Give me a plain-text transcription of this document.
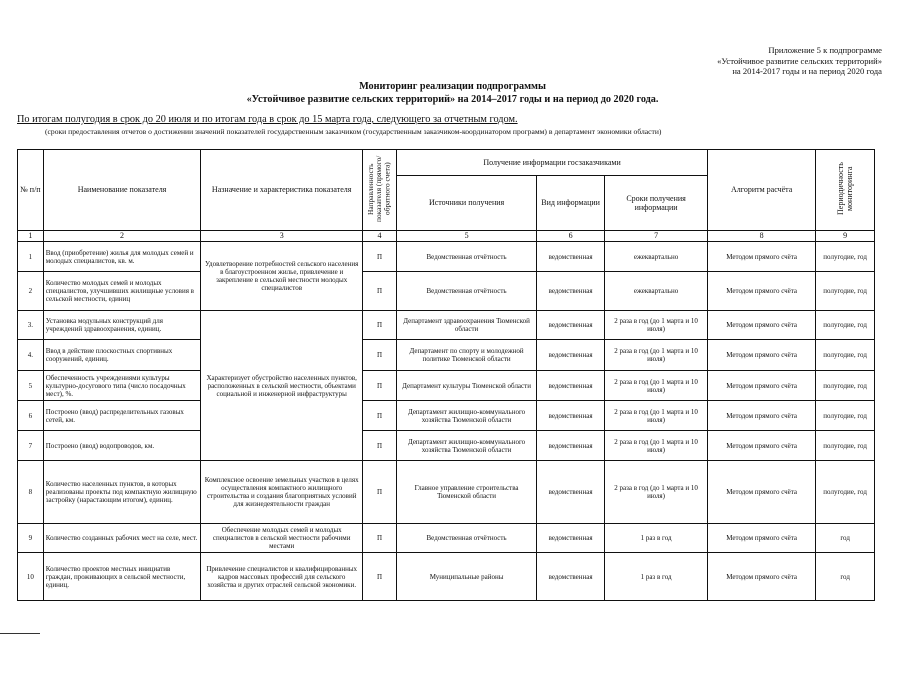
Приложение 5 к подпрограмме
«Устойчивое развитие сельских территорий»
на 2014-2017 годы и на период 2020 года
Мониторинг реализации подпрограммы
«Устойчивое развитие сельских территорий» на 2014–2017 годы и на период до 2020 года.
По итогам полугодия в срок до 20 июля и по итогам года в срок до 15 марта года, следующего за отчетным годом.
(сроки предоставления отчетов о достижении значений показателей государственным заказчиком (государственным заказчиком-координатором программ) в департамент экономики области)
№ п/п	Наименование показателя	Назначение и характеристика показателя	Направленность показателя (прямого/обратного счета)	Получение информации госзаказчиками			Алгоритм расчёта	Периодичность мониторинга
				Источники получения	Вид информации	Сроки получения информации		
1	2	3	4	5	6	7	8	9
1	Ввод (приобретение) жилья для молодых семей и молодых специалистов, кв. м.	Удовлетворение потребностей сельского населения в благоустроенном жилье, привлечение и закрепление в сельской местности молодых специалистов	П	Ведомственная отчётность	ведомственная	ежеквартально	Методом прямого счёта	полугодие, год
2	Количество молодых семей и молодых специалистов, улучшивших жилищные условия в сельской местности, единиц		П	Ведомственная отчётность	ведомственная	ежеквартально	Методом прямого счёта	полугодие, год
3.	Установка модульных конструкций для учреждений здравоохранения, единиц.	Характеризует обустройство населенных пунктов, расположенных в сельской местности, объектами социальной и инженерной инфраструктуры	П	Департамент здравоохранения Тюменской области	ведомственная	2 раза в год (до 1 марта и 10 июля)	Методом прямого счёта	полугодие, год
4.	Ввод в действие плоскостных спортивных сооружений, единиц.		П	Департамент по спорту и молодежной политике Тюменской области	ведомственная	2 раза в год (до 1 марта и 10 июля)	Методом прямого счёта	полугодие, год
5	Обеспеченность учреждениями культуры культурно-досугового типа (число посадочных мест), %.		П	Департамент культуры Тюменской области	ведомственная	2 раза в год (до 1 марта и 10 июля)	Методом прямого счёта	полугодие, год
6	Построено (ввод) распределительных газовых сетей, км.		П	Департамент жилищно-коммунального хозяйства Тюменской области	ведомственная	2 раза в год (до 1 марта и 10 июля)	Методом прямого счёта	полугодие, год
7	Построено (ввод) водопроводов, км.		П	Департамент жилищно-коммунального хозяйства Тюменской области	ведомственная	2 раза в год (до 1 марта и 10 июля)	Методом прямого счёта	полугодие, год
8	Количество населенных пунктов, в которых реализованы проекты под компактную жилищную застройку (нарастающим итогом), единиц.	Комплексное освоение земельных участков в целях осуществления компактного жилищного строительства и создания благоприятных условий для жизнедеятельности граждан	П	Главное управление строительства Тюменской области	ведомственная	2 раза в год (до 1 марта и 10 июля)	Методом прямого счёта	полугодие, год
9	Количество созданных рабочих мест на селе, мест.	Обеспечение молодых семей и молодых специалистов в сельской местности рабочими местами	П	Ведомственная отчётность	ведомственная	1 раз в год	Методом прямого счёта	год
10	Количество проектов местных инициатив граждан, проживающих в сельской местности, единиц.	Привлечение специалистов и квалифицированных кадров массовых профессий для сельского хозяйства и других отраслей сельской экономики.	П	Муниципальные районы	ведомственная	1 раз в год	Методом прямого счёта	год
